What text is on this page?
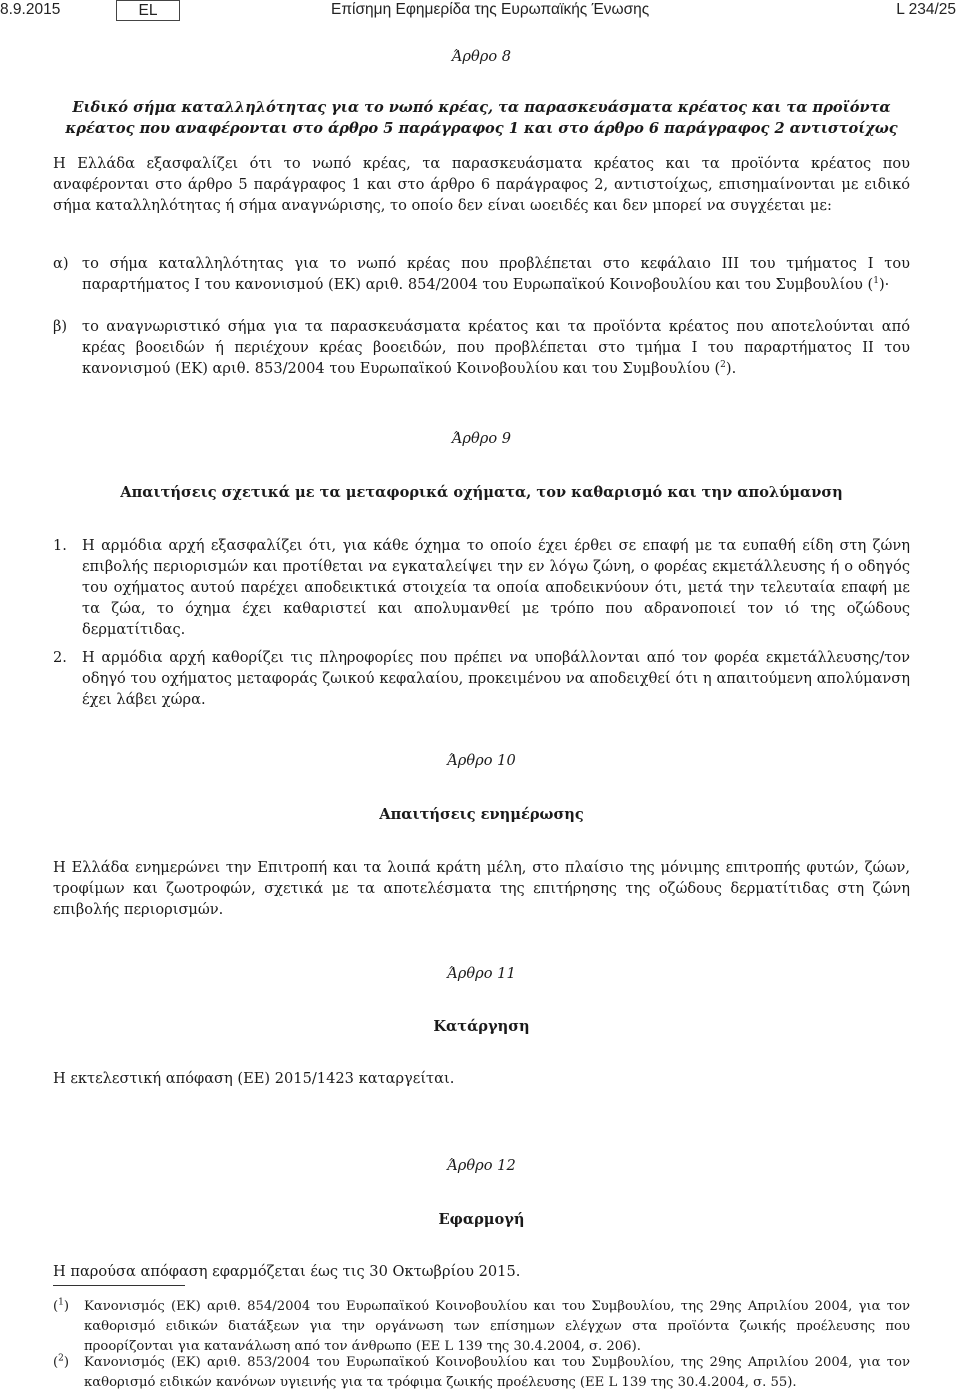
8.9.2015	EL	Επίσημη Εφημερίδα της Ευρωπαϊκής Ένωσης	L 234/25
Άρθρο 8
Ειδικό σήμα καταλληλότητας για το νωπό κρέας, τα παρασκευάσματα κρέατος και τα προϊόντα κρέατος που αναφέρονται στο άρθρο 5 παράγραφος 1 και στο άρθρο 6 παράγραφος 2 αντιστοίχως
Η Ελλάδα εξασφαλίζει ότι το νωπό κρέας, τα παρασκευάσματα κρέατος και τα προϊόντα κρέατος που αναφέρονται στο άρθρο 5 παράγραφος 1 και στο άρθρο 6 παράγραφος 2, αντιστοίχως, επισημαίνονται με ειδικό σήμα καταλληλότητας ή σήμα αναγνώρισης, το οποίο δεν είναι ωοειδές και δεν μπορεί να συγχέεται με:
α) το σήμα καταλληλότητας για το νωπό κρέας που προβλέπεται στο κεφάλαιο III του τμήματος I του παραρτήματος I του κανονισμού (ΕΚ) αριθ. 854/2004 του Ευρωπαϊκού Κοινοβουλίου και του Συμβουλίου ($^1$)·
β)	το αναγνωριστικό σήμα για τα παρασκευάσματα κρέατος και τα προϊόντα κρέατος που αποτελούνται από κρέας βοοειδών ή περιέχουν κρέας βοοειδών, που προβλέπεται στο τμήμα I του παραρτήματος II του κανονισμού (ΕΚ) αριθ. 853/2004 του Ευρωπαϊκού Κοινοβουλίου και του Συμβουλίου ($^2$).
Άρθρο 9
Απαιτήσεις σχετικά με τα μεταφορικά οχήματα, τον καθαρισμό και την απολύμανση
1.	Η αρμόδια αρχή εξασφαλίζει ότι, για κάθε όχημα το οποίο έχει έρθει σε επαφή με τα ευπαθή είδη στη ζώνη επιβολής περιορισμών και προτίθεται να εγκαταλείψει την εν λόγω ζώνη, ο φορέας εκμετάλλευσης ή ο οδηγός του οχήματος αυτού παρέχει αποδεικτικά στοιχεία τα οποία αποδεικνύουν ότι, μετά την τελευταία επαφή με τα ζώα, το όχημα έχει καθαριστεί και απολυμανθεί με τρόπο που αδρανοποιεί τον ιό της οζώδους δερματίτιδας.
2.	Η αρμόδια αρχή καθορίζει τις πληροφορίες που πρέπει να υποβάλλονται από τον φορέα εκμετάλλευσης/τον οδηγό του οχήματος μεταφοράς ζωικού κεφαλαίου, προκειμένου να αποδειχθεί ότι η απαιτούμενη απολύμανση έχει λάβει χώρα.
Άρθρο 10
Απαιτήσεις ενημέρωσης
Η Ελλάδα ενημερώνει την Επιτροπή και τα λοιπά κράτη μέλη, στο πλαίσιο της μόνιμης επιτροπής φυτών, ζώων, τροφίμων και ζωοτροφών, σχετικά με τα αποτελέσματα της επιτήρησης της οζώδους δερματίτιδας στη ζώνη επιβολής περιορισμών.
Άρθρο 11
Κατάργηση
Η εκτελεστική απόφαση (ΕΕ) 2015/1423 καταργείται.
Άρθρο 12
Εφαρμογή
Η παρούσα απόφαση εφαρμόζεται έως τις 30 Οκτωβρίου 2015.
($^1$)	Κανονισμός (ΕΚ) αριθ. 854/2004 του Ευρωπαϊκού Κοινοβουλίου και του Συμβουλίου, της 29ης Απριλίου 2004, για τον καθορισμό ειδικών διατάξεων για την οργάνωση των επίσημων ελέγχων στα προϊόντα ζωικής προέλευσης που προορίζονται για κατανάλωση από τον άνθρωπο (ΕΕ L 139 της 30.4.2004, σ. 206).
($^2$)	Κανονισμός (ΕΚ) αριθ. 853/2004 του Ευρωπαϊκού Κοινοβουλίου και του Συμβουλίου, της 29ης Απριλίου 2004, για τον καθορισμό ειδικών κανόνων υγιεινής για τα τρόφιμα ζωικής προέλευσης (ΕΕ L 139 της 30.4.2004, σ. 55).
